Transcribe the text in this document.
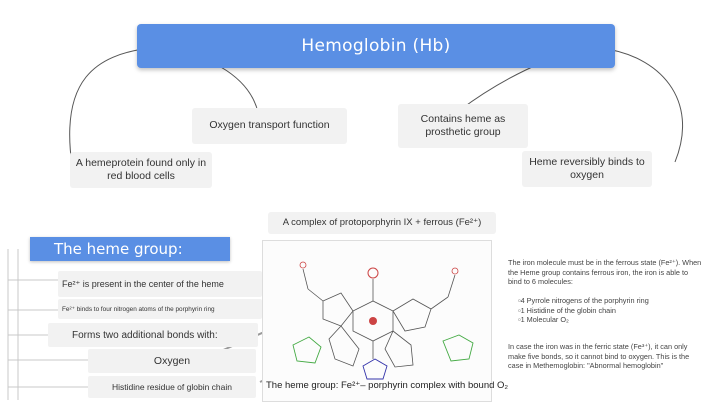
Hemoglobin (Hb)
Oxygen transport function
Contains heme as prosthetic group
A hemeprotein found only in red blood cells
Heme reversibly binds to oxygen
A complex of protoporphyrin IX + ferrous (Fe²⁺)
The heme group:
Fe²⁺ is present in the center of the heme
Fe²⁺ binds to four nitrogen atoms of the porphyrin ring
Forms two additional bonds with:
Oxygen
Histidine residue of globin chain	The heme group: Fe²⁺– porphyrin complex with bound O₂

The iron molecule must be in the ferrous state (Fe²⁺). When the Heme group contains ferrous iron, the iron is able to bind to 6 molecules:

▫ 4 Pyrrole nitrogens of the porphyrin ring
▫ 1 Histidine of the globin chain
▫ 1 Molecular O₂

In case the iron was in the ferric state (Fe³⁺), it can only make five bonds, so it cannot bind to oxygen. This is the case in Methemoglobin: "Abnormal hemoglobin"
